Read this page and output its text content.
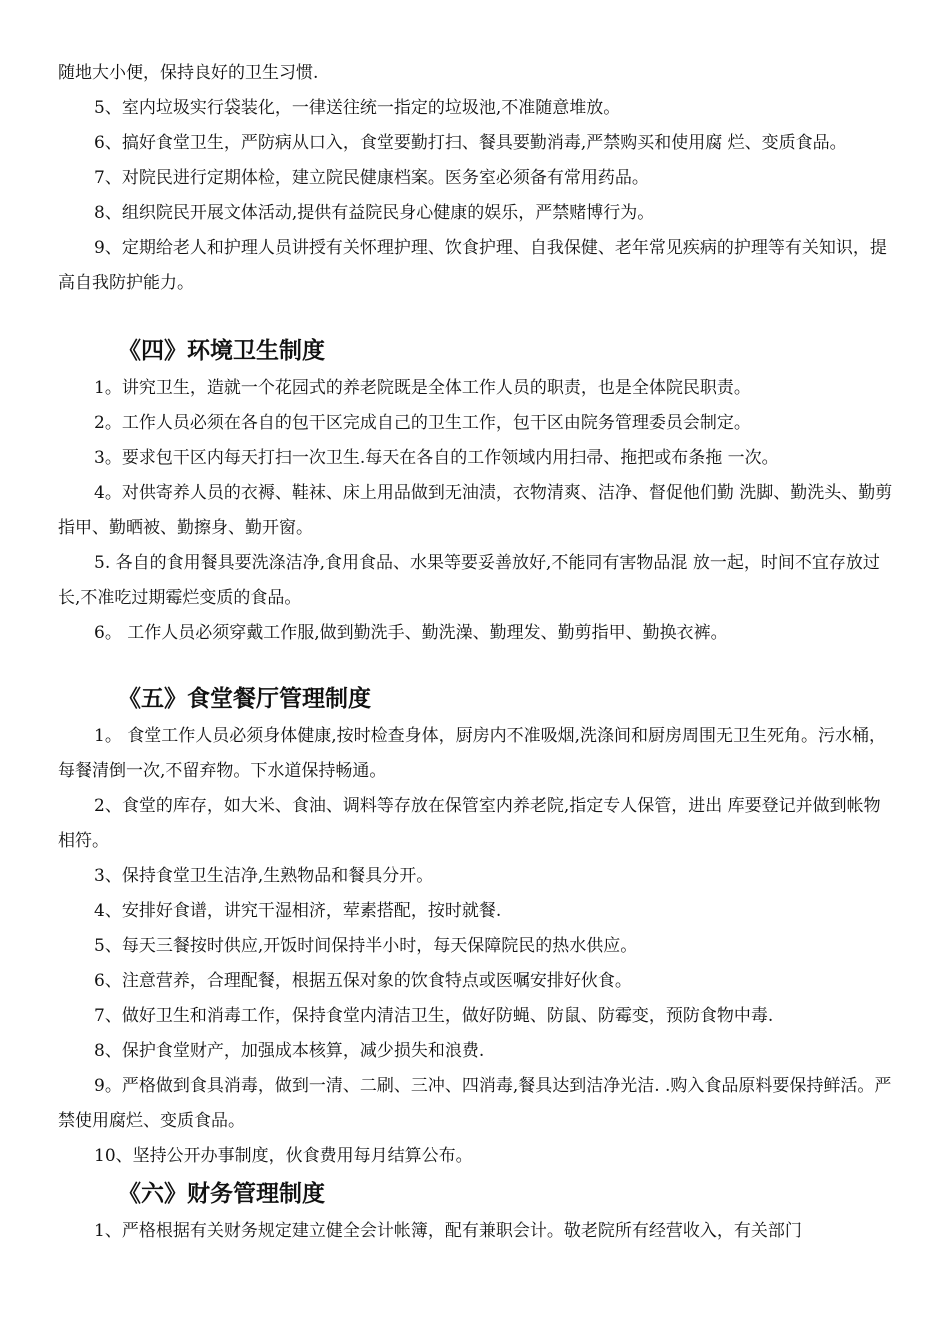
随地大小便，保持良好的卫生习惯.

5、室内垃圾实行袋装化，一律送往统一指定的垃圾池,不准随意堆放。

6、搞好食堂卫生，严防病从口入，食堂要勤打扫、餐具要勤消毒,严禁购买和使用腐 烂、变质食品。

7、对院民进行定期体检，建立院民健康档案。医务室必须备有常用药品。

8、组织院民开展文体活动,提供有益院民身心健康的娱乐，严禁赌博行为。

9、定期给老人和护理人员讲授有关怀理护理、饮食护理、自我保健、老年常见疾病的护理等有关知识，提高自我防护能力。

《四》环境卫生制度

1。讲究卫生，造就一个花园式的养老院既是全体工作人员的职责，也是全体院民职责。

2。工作人员必须在各自的包干区完成自己的卫生工作，包干区由院务管理委员会制定。

3。要求包干区内每天打扫一次卫生.每天在各自的工作领域内用扫帚、拖把或布条拖 一次。

4。对供寄养人员的衣褥、鞋袜、床上用品做到无油渍，衣物清爽、洁净、督促他们勤 洗脚、勤洗头、勤剪指甲、勤晒被、勤擦身、勤开窗。

5. 各自的食用餐具要洗涤洁净,食用食品、水果等要妥善放好,不能同有害物品混 放一起，时间不宜存放过长,不准吃过期霉烂变质的食品。

6。 工作人员必须穿戴工作服,做到勤洗手、勤洗澡、勤理发、勤剪指甲、勤换衣裤。

《五》食堂餐厅管理制度

1。 食堂工作人员必须身体健康,按时检查身体，厨房内不准吸烟,洗涤间和厨房周围无卫生死角。污水桶，每餐清倒一次,不留弃物。下水道保持畅通。

2、食堂的库存，如大米、食油、调料等存放在保管室内养老院,指定专人保管，进出 库要登记并做到帐物相符。

3、保持食堂卫生洁净,生熟物品和餐具分开。

4、安排好食谱，讲究干湿相济，荤素搭配，按时就餐.

5、每天三餐按时供应,开饭时间保持半小时，每天保障院民的热水供应。

6、注意营养，合理配餐，根据五保对象的饮食特点或医嘱安排好伙食。

7、做好卫生和消毒工作，保持食堂内清洁卫生，做好防蝇、防鼠、防霉变，预防食物中毒.

8、保护食堂财产，加强成本核算，减少损失和浪费.

9。严格做到食具消毒，做到一清、二刷、三冲、四消毒,餐具达到洁净光洁. .购入食品原料要保持鲜活。严禁使用腐烂、变质食品。

10、坚持公开办事制度，伙食费用每月结算公布。

《六》财务管理制度

1、严格根据有关财务规定建立健全会计帐簿，配有兼职会计。敬老院所有经营收入，有关部门
